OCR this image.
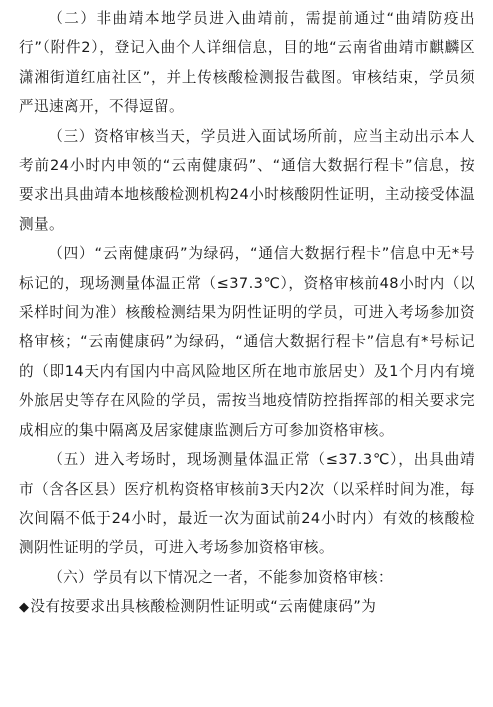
（二）非曲靖本地学员进入曲靖前，需提前通过“曲靖防疫出行”（附件2），登记入曲个人详细信息，目的地“云南省曲靖市麒麟区潇湘街道红庙社区”，并上传核酸检测报告截图。审核结束，学员须严迅速离开，不得逗留。

（三）资格审核当天，学员进入面试场所前，应当主动出示本人考前24小时内申领的“云南健康码”、“通信大数据行程卡”信息，按要求出具曲靖本地核酸检测机构24小时核酸阴性证明，主动接受体温测量。

（四）“云南健康码”为绿码，“通信大数据行程卡”信息中无*号标记的，现场测量体温正常（≤37.3℃），资格审核前48小时内（以采样时间为准）核酸检测结果为阴性证明的学员，可进入考场参加资格审核；“云南健康码”为绿码，“通信大数据行程卡”信息有*号标记的（即14天内有国内中高风险地区所在地市旅居史）及1个月内有境外旅居史等存在风险的学员，需按当地疫情防控指挥部的相关要求完成相应的集中隔离及居家健康监测后方可参加资格审核。

（五）进入考场时，现场测量体温正常（≤37.3℃），出具曲靖市（含各区县）医疗机构资格审核前3天内2次（以采样时间为准，每次间隔不低于24小时，最近一次为面试前24小时内）有效的核酸检测阴性证明的学员，可进入考场参加资格审核。

（六）学员有以下情况之一者，不能参加资格审核：

◆没有按要求出具核酸检测阴性证明或“云南健康码”为
